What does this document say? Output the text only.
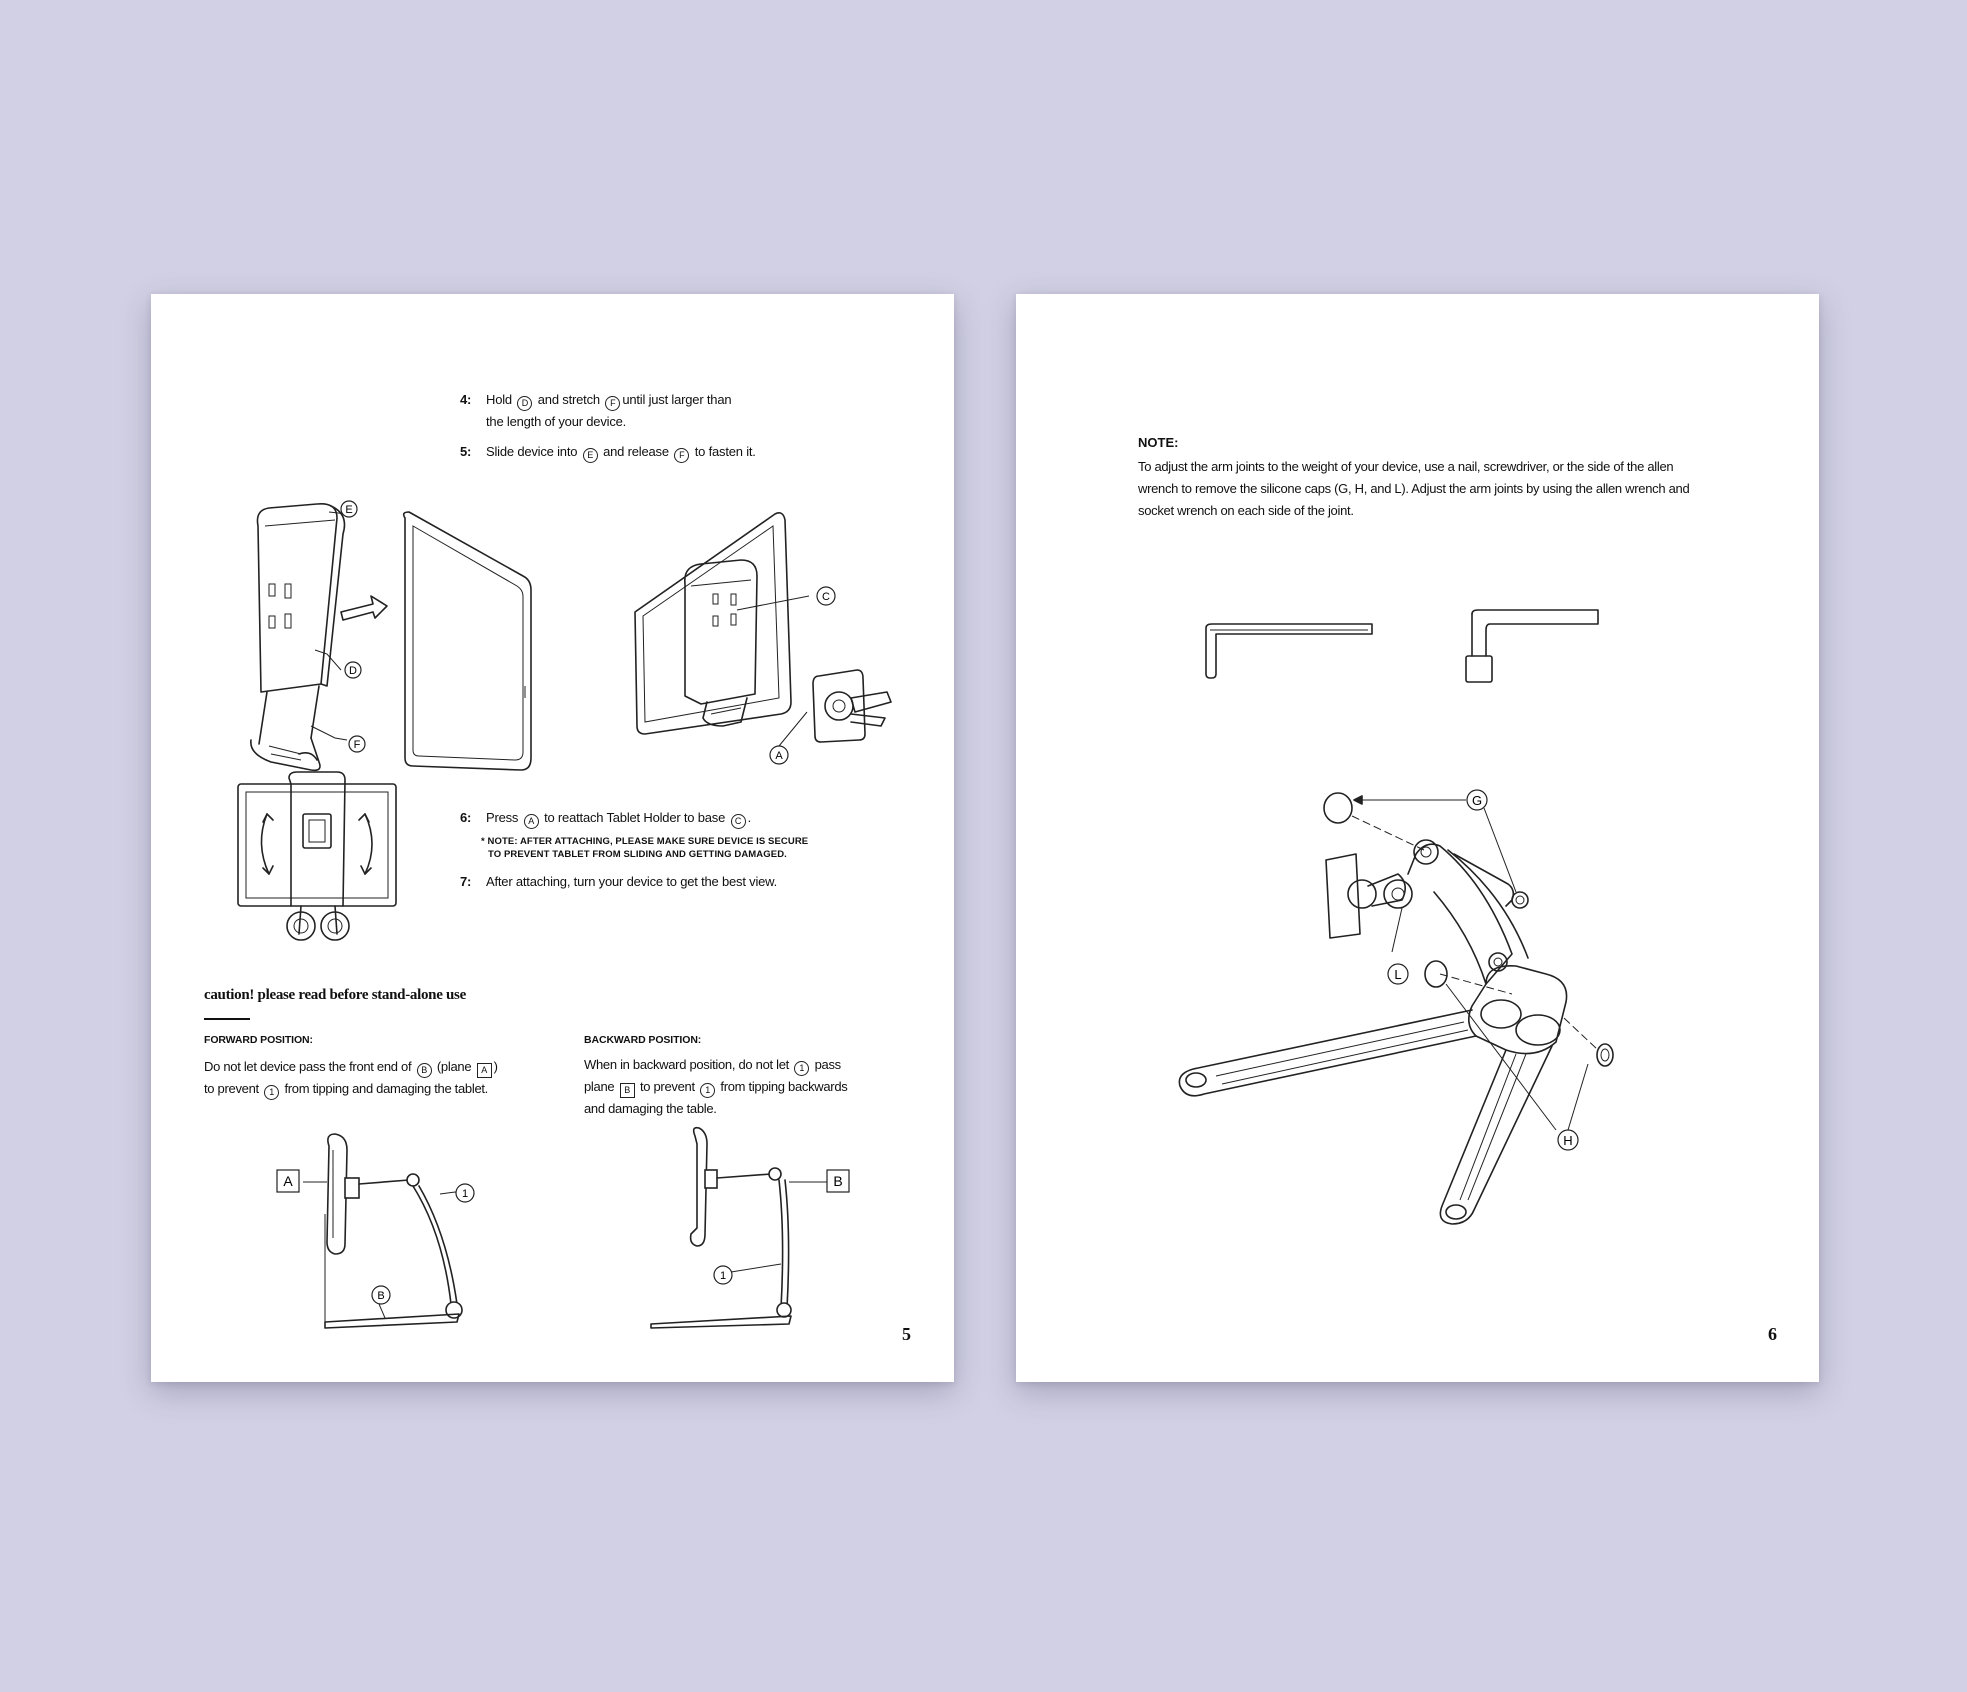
4: Hold D and stretch F until just larger than
the length of your device.
5: Slide device into E and release F to fasten it.
E
D
F
C
A
6: Press A to reattach Tablet Holder to base C .
* NOTE: AFTER ATTACHING, PLEASE MAKE SURE DEVICE IS SECURE
TO PREVENT TABLET FROM SLIDING AND GETTING DAMAGED.
7: After attaching, turn your device to get the best view.
caution! please read before stand-alone use
FORWARD POSITION:
Do not let device pass the front end of B (plane A )
to prevent 1 from tipping and damaging the tablet.
BACKWARD POSITION:
When in backward position, do not let 1 pass
plane B to prevent 1 from tipping backwards
and damaging the table.
A
1
B
B
1
5
NOTE:
To adjust the arm joints to the weight of your device, use a nail, screwdriver, or the side of the allen wrench to remove the silicone caps (G, H, and L). Adjust the arm joints by using the allen wrench and socket wrench on each side of the joint.
G
L
H
6
